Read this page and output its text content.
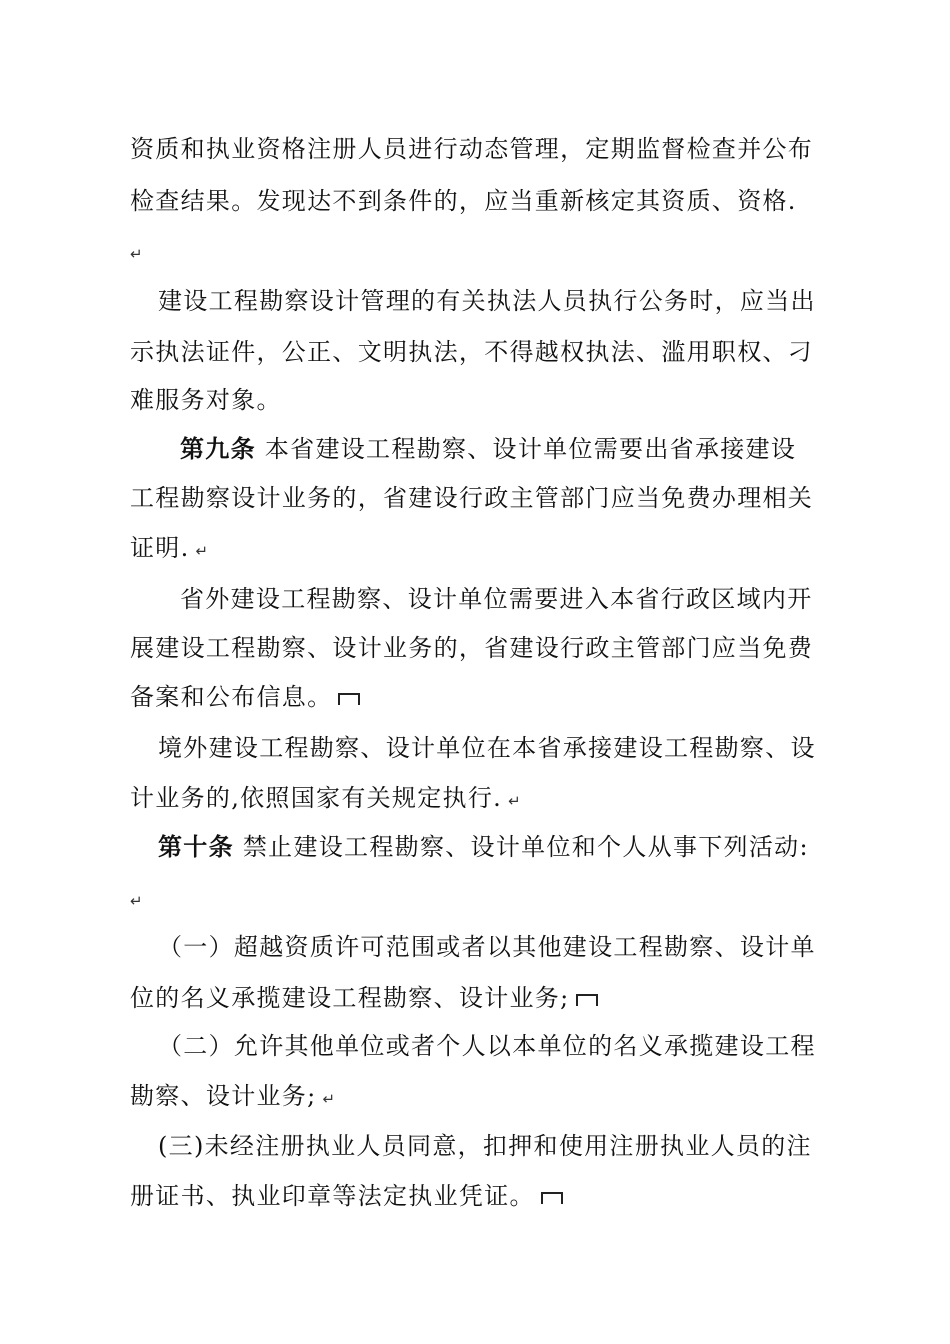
资质和执业资格注册人员进行动态管理，定期监督检查并公布
检查结果。发现达不到条件的，应当重新核定其资质、资格.
↵
建设工程勘察设计管理的有关执法人员执行公务时，应当出
示执法证件，公正、文明执法，不得越权执法、滥用职权、刁
难服务对象。
第九条 本省建设工程勘察、设计单位需要出省承接建设
工程勘察设计业务的，省建设行政主管部门应当免费办理相关
证明. ↵
省外建设工程勘察、设计单位需要进入本省行政区域内开
展建设工程勘察、设计业务的，省建设行政主管部门应当免费
备案和公布信息。
境外建设工程勘察、设计单位在本省承接建设工程勘察、设
计业务的,依照国家有关规定执行. ↵
第十条 禁止建设工程勘察、设计单位和个人从事下列活动:
↵
（一）超越资质许可范围或者以其他建设工程勘察、设计单
位的名义承揽建设工程勘察、设计业务;
（二）允许其他单位或者个人以本单位的名义承揽建设工程
勘察、设计业务; ↵
(三)未经注册执业人员同意，扣押和使用注册执业人员的注
册证书、执业印章等法定执业凭证。
